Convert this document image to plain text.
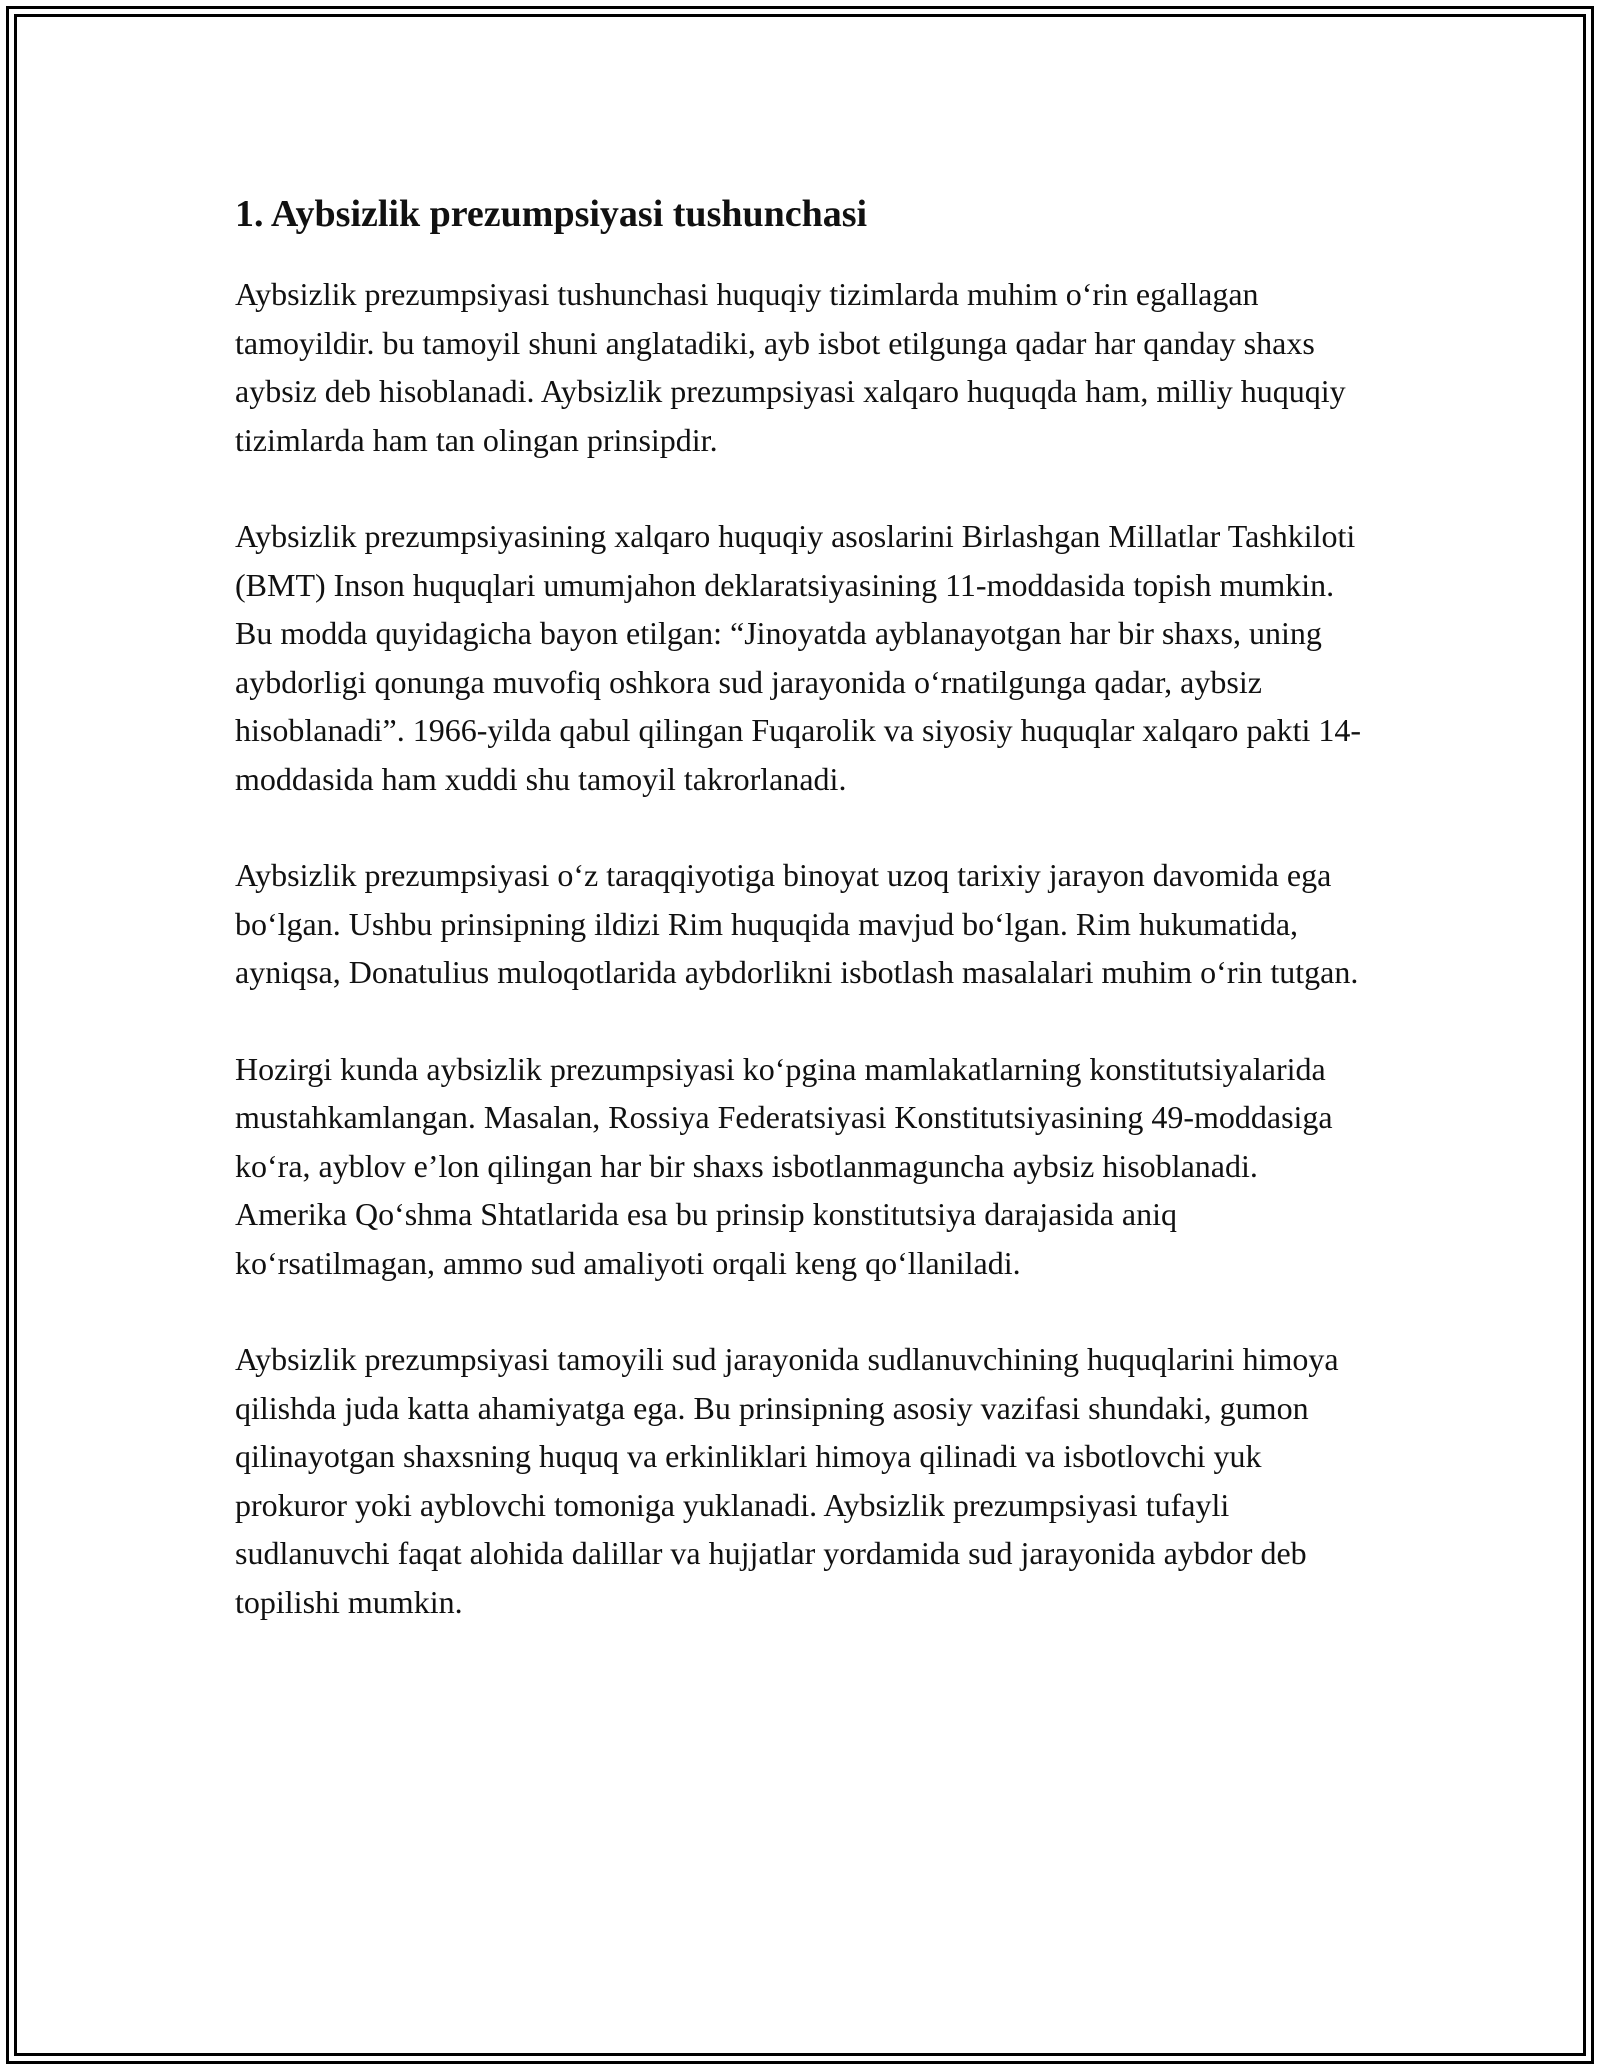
1. Aybsizlik prezumpsiyasi tushunchasi

Aybsizlik prezumpsiyasi tushunchasi huquqiy tizimlarda muhim o‘rin egallagan tamoyildir. bu tamoyil shuni anglatadiki, ayb isbot etilgunga qadar har qanday shaxs aybsiz deb hisoblanadi. Aybsizlik prezumpsiyasi xalqaro huquqda ham, milliy huquqiy tizimlarda ham tan olingan prinsipdir.

Aybsizlik prezumpsiyasining xalqaro huquqiy asoslarini Birlashgan Millatlar Tashkiloti (BMT) Inson huquqlari umumjahon deklaratsiyasining 11-moddasida topish mumkin. Bu modda quyidagicha bayon etilgan: “Jinoyatda ayblanayotgan har bir shaxs, uning aybdorligi qonunga muvofiq oshkora sud jarayonida o‘rnatilgunga qadar, aybsiz hisoblanadi”. 1966-yilda qabul qilingan Fuqarolik va siyosiy huquqlar xalqaro pakti 14-moddasida ham xuddi shu tamoyil takrorlanadi.

Aybsizlik prezumpsiyasi o‘z taraqqiyotiga binoyat uzoq tarixiy jarayon davomida ega bo‘lgan. Ushbu prinsipning ildizi Rim huquqida mavjud bo‘lgan. Rim hukumatida, ayniqsa, Donatulius muloqotlarida aybdorlikni isbotlash masalalari muhim o‘rin tutgan.

Hozirgi kunda aybsizlik prezumpsiyasi ko‘pgina mamlakatlarning konstitutsiyalarida mustahkamlangan. Masalan, Rossiya Federatsiyasi Konstitutsiyasining 49-moddasiga ko‘ra, ayblov e’lon qilingan har bir shaxs isbotlanmaguncha aybsiz hisoblanadi. Amerika Qo‘shma Shtatlarida esa bu prinsip konstitutsiya darajasida aniq ko‘rsatilmagan, ammo sud amaliyoti orqali keng qo‘llaniladi.

Aybsizlik prezumpsiyasi tamoyili sud jarayonida sudlanuvchining huquqlarini himoya qilishda juda katta ahamiyatga ega. Bu prinsipning asosiy vazifasi shundaki, gumon qilinayotgan shaxsning huquq va erkinliklari himoya qilinadi va isbotlovchi yuk prokuror yoki ayblovchi tomoniga yuklanadi. Aybsizlik prezumpsiyasi tufayli sudlanuvchi faqat alohida dalillar va hujjatlar yordamida sud jarayonida aybdor deb topilishi mumkin.
